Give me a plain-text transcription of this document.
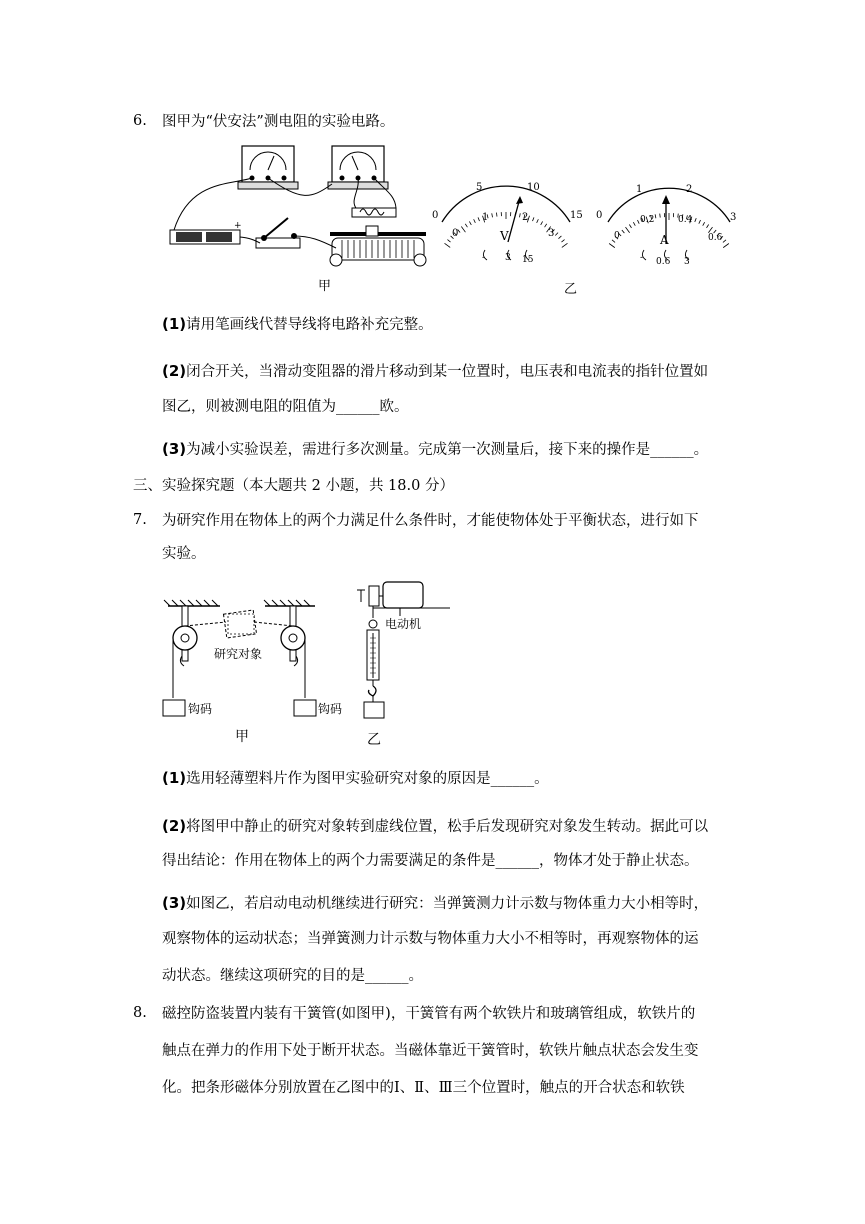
6. 图甲为“伏安法”测电阻的实验电路。
+
甲
0
5	10
15
0
1	2
3
V
- 3 15
0
1	2
3
0
0.2	0.4
0.6
A
- 0.6 3
乙
(1)请用笔画线代替导线将电路补充完整。
(2)闭合开关，当滑动变阻器的滑片移动到某一位置时，电压表和电流表的指针位置如
图乙，则被测电阻的阻值为______欧。
(3)为减小实验误差，需进行多次测量。完成第一次测量后，接下来的操作是______。
三、实验探究题（本大题共 2 小题，共 18.0 分）
7. 为研究作用在物体上的两个力满足什么条件时，才能使物体处于平衡状态，进行如下
实验。
研究对象
钩码	钩码
甲
电动机
乙
(1)选用轻薄塑料片作为图甲实验研究对象的原因是______。
(2)将图甲中静止的研究对象转到虚线位置，松手后发现研究对象发生转动。据此可以
得出结论：作用在物体上的两个力需要满足的条件是______，物体才处于静止状态。
(3)如图乙，若启动电动机继续进行研究：当弹簧测力计示数与物体重力大小相等时，
观察物体的运动状态；当弹簧测力计示数与物体重力大小不相等时，再观察物体的运
动状态。继续这项研究的目的是______。
8. 磁控防盗装置内装有干簧管(如图甲)，干簧管有两个软铁片和玻璃管组成，软铁片的
触点在弹力的作用下处于断开状态。当磁体靠近干簧管时，软铁片触点状态会发生变
化。把条形磁体分别放置在乙图中的Ⅰ、Ⅱ、Ⅲ三个位置时，触点的开合状态和软铁
